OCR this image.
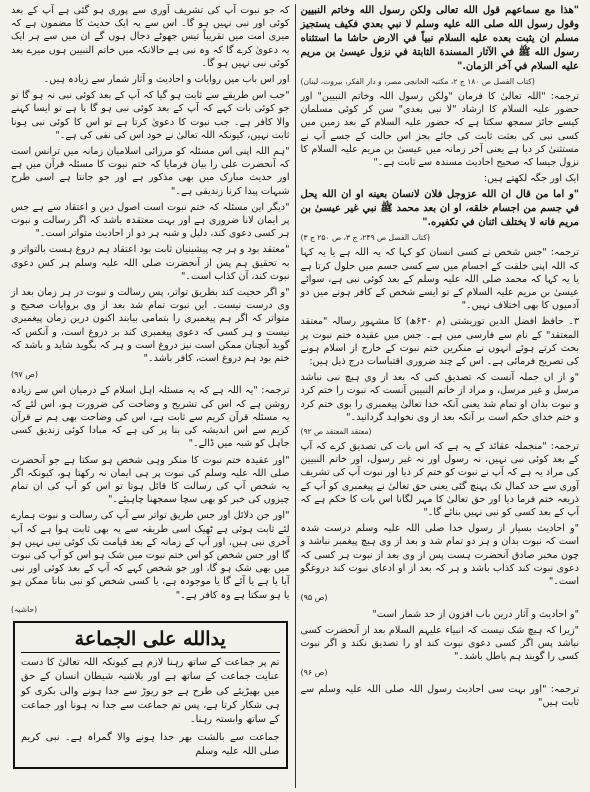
"هذا مع سماعهم قول الله تعالى ولكن رسول الله وخاتم النبيين وقول رسول الله صلى الله عليه وسلم لا نبي بعدي فكيف يستجيز مسلم ان يثبت بعده عليه السلام نبياً في الارض حاشا ما استثناه رسول الله ﷺ في الآثار المسندة الثابتة في نزول عيسىٰ بن مريم عليه السلام في آخر الزمان."

(كتاب الفصل ص ۱۸۰ ج ۲، مکتبہ الخانجی مصر، و دار الفکر، بیروت، لبنان)

ترجمہ: "اللہ تعالیٰ کا فرمان "ولکن رسول اللہ وخاتم النبیین" اور حضور علیہ السلام کا ارشاد "لا نبی بعدی" سن کر کوئی مسلمان کیسے جائز سمجھ سکتا ہے کہ حضور علیہ السلام کے بعد زمین میں کسی نبی کی بعثت ثابت کی جائے بجز اس حالت کے جسے آپ نے مستثنیٰ کر دیا ہے یعنی آخر زمانہ میں عیسیٰ بن مریم علیہ السلام کا نزول جیسا کہ صحیح احادیث مسندہ سے ثابت ہے۔"

ایک اور جگہ لکھتے ہیں:

"و اما من قال ان الله عزوجل فلان لانسان بعينه او ان الله يحل في جسم من اجسام خلقه، او ان بعد محمد ﷺ نبي غير عيسىٰ بن مريم فانه لا يختلف اثنان في تكفيره."

(کتاب الفصل ص ۲۴۹، ج ۳، ص ۲۵۰ ج ۳)

ترجمہ: "جس شخص نے کسی انسان کو کہا کہ یہ اللہ ہے یا یہ کہا کہ اللہ اپنی خلقت کے اجسام میں سے کسی جسم میں حلول کرتا ہے یا یہ کہا کہ محمد صلی اللہ علیہ وسلم کے بعد کوئی نبی ہے، سوائے عیسیٰ بن مریم علیہ السلام کے تو ایسے شخص کے کافر ہونے میں دو آدمیوں کا بھی اختلاف نہیں۔"

۳۔ حافظ افضل الدین توریشتی (م ۶۳۰ھ) کا مشہور رسالہ "معتقد المعتقد" کے نام سے فارسی میں ہے۔ جس میں عقیدہ ختم نبوت پر بحث کرتے ہوئے انہوں نے منکرین ختم نبوت کے خارج از اسلام ہونے کی تصریح فرمائی ہے۔ اس کے چند ضروری اقتباسات درج ذیل ہیں:

"و از اں جملہ آنست کہ تصدیق کنی کہ بعد از وی ہیچ نبی نباشد مرسل و غیر مرسل، و مراد از خاتم النبیین آنست کہ نبوت را ختم کرد و نبوت بدان او تمام شد یعنی آنکہ خدا تعالیٰ پیغمبری را بوی ختم کرد و ختم خدای حکم است بر آنکہ بعد از وی نخواہد گردانید۔"

(معتقد المعتقد ص ۹۲)

ترجمہ: "منجملہ عقائد کے یہ ہے کہ اس بات کی تصدیق کرے کہ آپ کے بعد کوئی نبی نہیں، نہ رسول اور نہ غیر رسول، اور خاتم النبیین کی مراد یہ ہے کہ آپ نے نبوت کو ختم کر دیا اور نبوت آپ کی تشریف آوری سے حد کمال تک پہنچ گئی یعنی حق تعالیٰ نے پیغمبری کو آپ کے ذریعہ ختم فرما دیا اور حق تعالیٰ کا مہر لگانا اس بات کا حکم ہے کہ آپ کے بعد کسی کو نبی نہیں بنائے گا۔"

"و احادیث بسیار از رسول خدا صلی اللہ علیہ وسلم درست شدہ است کہ نبوت بدان و ہر دو تمام شد و بعد از وی ہیچ پیغمبر نباشد و چون مخبر صادق آنحضرت ہست پس از وی بعد از نبوت ہر کسی کہ دعوی نبوت کند کذاب باشد و ہر کہ بعد از او ادعای نبوت کند دروغگو است۔"

(ص ۹۵)

"و احادیث و آثار درین باب افزون از حد شمار است"

"زیرا کہ ہیچ شک نیست کہ انبیاء علیہم السلام بعد از آنحضرت کسی نباشد پس اگر کسی دعوی نبوت کند او را تصدیق نکند و اگر نبوت کسی را گویند ہم باطل باشد۔"

(ص ۹۶)

ترجمہ: "اور بہت سی احادیث رسول اللہ صلی اللہ علیہ وسلم سے ثابت ہیں"

کہ جو نبوت آپ کی تشریف آوری سے پوری ہو گئی ہے آپ کے بعد کوئی اور نبی نہیں ہو گا۔ اس سے یہ ایک حدیث کا مضمون ہے کہ میری امت میں تقریباً تیس جھوٹے دجال ہوں گے ان میں سے ہر ایک یہ دعویٰ کرے گا کہ وہ نبی ہے حالانکہ میں خاتم النبیین ہوں میرے بعد کوئی نبی نہیں ہو گا۔

اور اس باب میں روایات و احادیث و آثار شمار سے زیادہ ہیں۔

"جب اس طریقے سے ثابت ہو گیا کہ آپ کے بعد کوئی نبی نہ ہو گا تو جو کوئی بات کہے کہ آپ کے بعد کوئی نبی ہو گا یا ہے تو ایسا کہنے والا کافر ہے۔ جب نبوت کا دعویٰ کرتا ہے تو اس کا کوئی نبی ہونا ثابت نہیں، کیونکہ اللہ تعالیٰ نے خود اس کی نفی کی ہے۔"

"ہم اللہ اپنی اس مسئلہ کو مرزائی اسلامیان زمانہ میں ترانس است کہ آنحضرت علی را بیان فرمایا کہ ختم نبوت کا مسئلہ قرآن میں ہے اور حدیث مبارک میں بھی مذکور ہے اور جو جانتا ہے اسی طرح شبہات پیدا کرنا زندیقی ہے۔"

"دیگر این مسئلہ کہ ختم نبوت است اصول دین و اعتقاد سے ہے جس پر ایمان لانا ضروری ہے اور بہت معتقدہ باشد کہ اگر رسالت و نبوت ہر کسی دعوی کند، دلیل و شبہ ہر دو از احادیث متواتر است۔"

"معتقد بود و ہر چہ پیشینیان ثابت بود اعتقاد ہم دروغ ہست بالتواتر و بہ تحقیق ہم پس از آنحضرت صلی اللہ علیہ وسلم ہر کس دعوی نبوت کند، آن کذاب است۔"

"و اگر حجیت کند بطریق تواتر، پس رسالت و نبوت در ہر زمان بعد از وی درست نیست۔ ایں نبوت تمام شد بعد از وی بروایات صحیح و متواتر کہ اگر ہم پیغمبری را بتمامی بیابند اکنون درین زمان پیغمبری نیست و ہر کسی کہ دعوی پیغمبری کند بر دروغ است، و آنکس کہ گوید آنچنان ممکن است نیز دروغ است و ہر کہ بگوید شاید و باشد کہ ختم بود ہم دروغ است، کافر باشد۔"

(ص ۹۷)

ترجمہ: "یہ اللہ ہے کہ یہ مسئلہ اہل اسلام کے درمیان اس سے زیادہ روشن ہے کہ اس کی تشریح و وضاحت کی ضرورت ہو، اس لئے کہ یہ مسئلہ قرآن کریم سے ثابت ہے، اس کی وضاحت بھی ہم نے قرآن کریم سے اس اندیشہ کی بنا پر کی ہے کہ مبادا کوئی زندیق کسی جاہل کو شبہ میں ڈالے۔"

"اور عقیدہ ختم نبوت کا منکر وہی شخص ہو سکتا ہے جو آنحضرت صلی اللہ علیہ وسلم کی نبوت پر ہی ایمان نہ رکھتا ہو، کیونکہ اگر یہ شخص آپ کی رسالت کا قائل ہوتا تو اس کو آپ کی ان تمام چیزوں کی خبر کو بھی سچا سمجھنا چاہیئے۔"

"اور جن دلائل اور جس طریق تواتر سے آپ کی رسالت و نبوت ہمارے لئے ثابت ہوئی ہے ٹھیک اسی طریقہ سے یہ بھی ثابت ہوا ہے کہ آپ آخری نبی ہیں، اور آپ کے زمانہ کے بعد قیامت تک کوئی نبی نہیں ہو گا اور جس شخص کو اس ختم نبوت میں شک ہو اس کو آپ کی نبوت میں بھی شک ہو گا، اور جو شخص کہے کہ آپ کے بعد کوئی اور نبی آیا یا ہے یا آئے گا یا موجودہ ہے، یا کسی شخص کو نبی بنانا ممکن ہو یا ہو سکتا ہے وہ کافر ہے۔"

(حاشیہ)

يدالله على الجماعة

تم پر جماعت کے ساتھ رہنا لازم ہے کیونکہ اللہ تعالیٰ کا دست عنایت جماعت کے ساتھ ہے اور بلاشبہ شیطان انسان کے حق میں بھیڑیئے کی طرح ہے جو ریوڑ سے جدا ہونے والی بکری کو ہی شکار کرتا ہے، پس تم جماعت سے جدا نہ ہونا اور جماعت کے ساتھ وابستہ رہنا۔

جماعت سے بالشت بھر جدا ہونے والا گمراہ ہے۔ نبی کریم صلی اللہ علیہ وسلم
